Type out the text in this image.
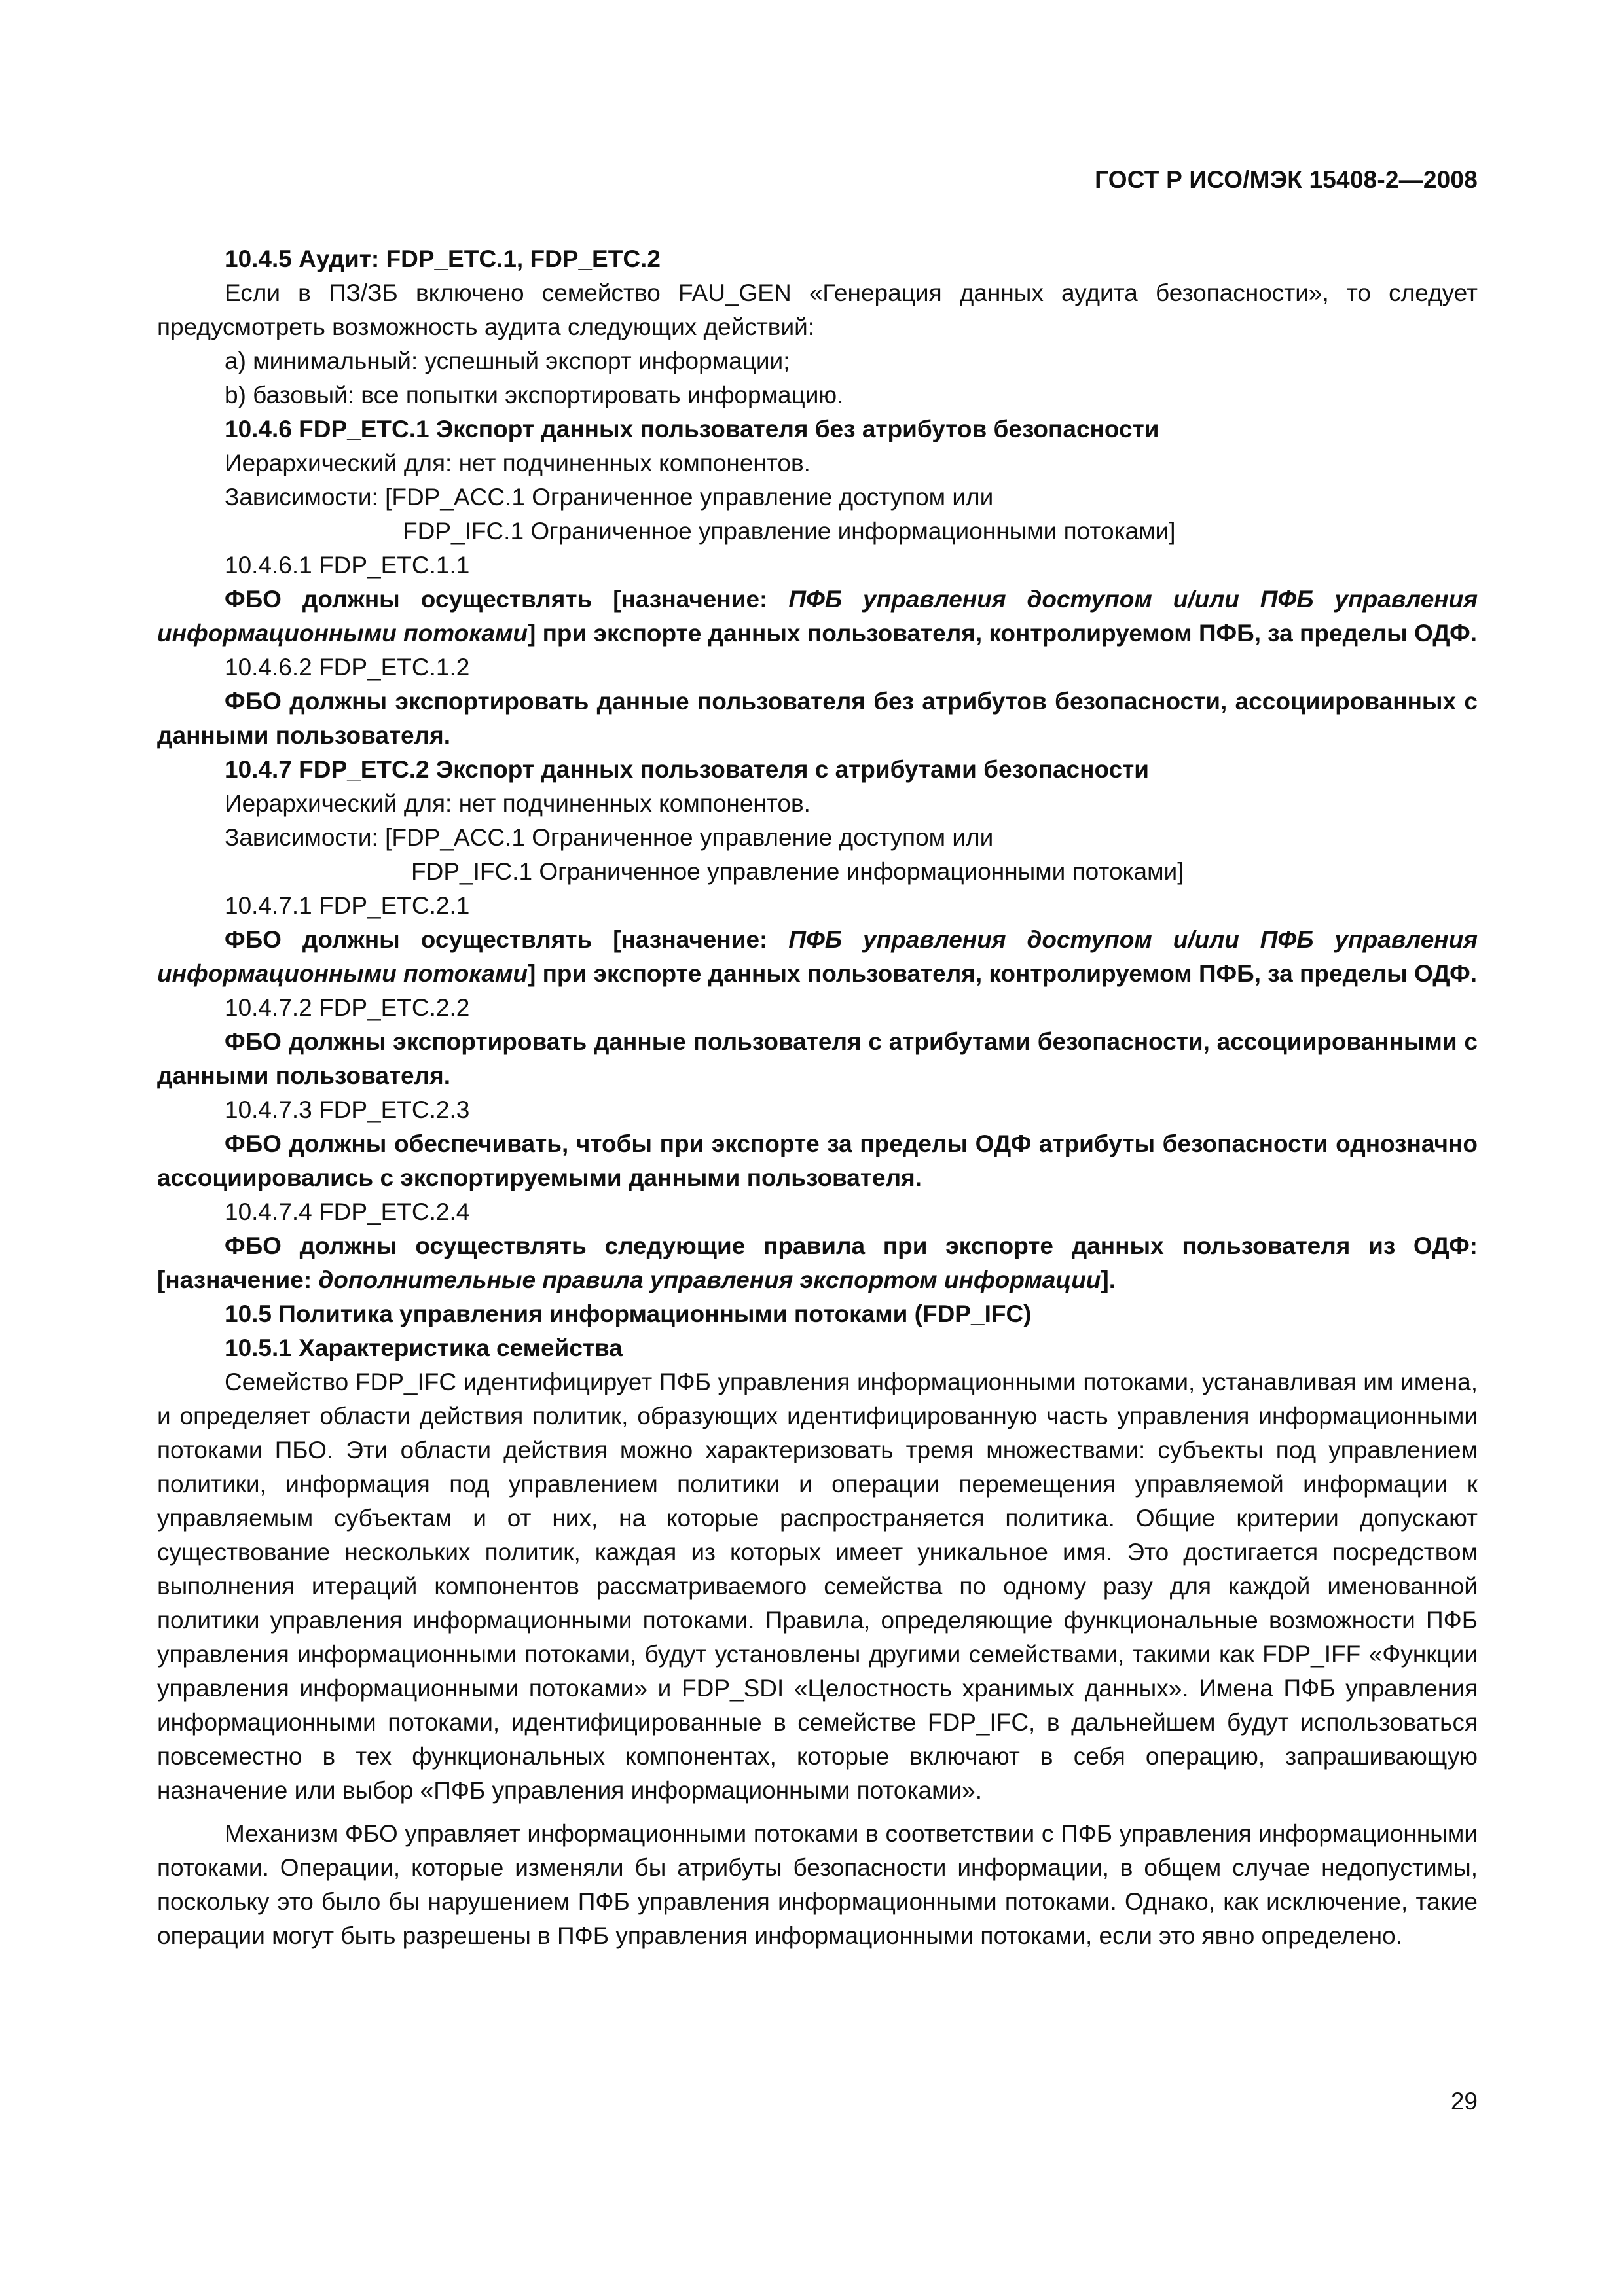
ГОСТ Р ИСО/МЭК 15408-2—2008

10.4.5 Аудит: FDP_ETC.1, FDP_ETC.2

Если в ПЗ/ЗБ включено семейство FAU_GEN «Генерация данных аудита безопасности», то следует предусмотреть возможность аудита следующих действий:

a) минимальный: успешный экспорт информации;

b) базовый: все попытки экспортировать информацию.

10.4.6 FDP_ETC.1 Экспорт данных пользователя без атрибутов безопасности

Иерархический для: нет подчиненных компонентов.

Зависимости: [FDP_ACC.1 Ограниченное управление доступом или

FDP_IFC.1 Ограниченное управление информационными потоками]

10.4.6.1 FDP_ETC.1.1

ФБО должны осуществлять [назначение: ПФБ управления доступом и/или ПФБ управления информационными потоками] при экспорте данных пользователя, контролируемом ПФБ, за пределы ОДФ.

10.4.6.2 FDP_ETC.1.2

ФБО должны экспортировать данные пользователя без атрибутов безопасности, ассоциированных с данными пользователя.

10.4.7 FDP_ETC.2 Экспорт данных пользователя с атрибутами безопасности

Иерархический для: нет подчиненных компонентов.

Зависимости: [FDP_ACC.1 Ограниченное управление доступом или

FDP_IFC.1 Ограниченное управление информационными потоками]

10.4.7.1 FDP_ETC.2.1

ФБО должны осуществлять [назначение: ПФБ управления доступом и/или ПФБ управления информационными потоками] при экспорте данных пользователя, контролируемом ПФБ, за пределы ОДФ.

10.4.7.2 FDP_ETC.2.2

ФБО должны экспортировать данные пользователя с атрибутами безопасности, ассоциированными с данными пользователя.

10.4.7.3 FDP_ETC.2.3

ФБО должны обеспечивать, чтобы при экспорте за пределы ОДФ атрибуты безопасности однозначно ассоциировались с экспортируемыми данными пользователя.

10.4.7.4 FDP_ETC.2.4

ФБО должны осуществлять следующие правила при экспорте данных пользователя из ОДФ: [назначение: дополнительные правила управления экспортом информации].

10.5 Политика управления информационными потоками (FDP_IFC)

10.5.1 Характеристика семейства

Семейство FDP_IFC идентифицирует ПФБ управления информационными потоками, устанавливая им имена, и определяет области действия политик, образующих идентифицированную часть управления информационными потоками ПБО. Эти области действия можно характеризовать тремя множествами: субъекты под управлением политики, информация под управлением политики и операции перемещения управляемой информации к управляемым субъектам и от них, на которые распространяется политика. Общие критерии допускают существование нескольких политик, каждая из которых имеет уникальное имя. Это достигается посредством выполнения итераций компонентов рассматриваемого семейства по одному разу для каждой именованной политики управления информационными потоками. Правила, определяющие функциональные возможности ПФБ управления информационными потоками, будут установлены другими семействами, такими как FDP_IFF «Функции управления информационными потоками» и FDP_SDI «Целостность хранимых данных». Имена ПФБ управления информационными потоками, идентифицированные в семействе FDP_IFC, в дальнейшем будут использоваться повсеместно в тех функциональных компонентах, которые включают в себя операцию, запрашивающую назначение или выбор «ПФБ управления информационными потоками».

Механизм ФБО управляет информационными потоками в соответствии с ПФБ управления информационными потоками. Операции, которые изменяли бы атрибуты безопасности информации, в общем случае недопустимы, поскольку это было бы нарушением ПФБ управления информационными потоками. Однако, как исключение, такие операции могут быть разрешены в ПФБ управления информационными потоками, если это явно определено.

29
